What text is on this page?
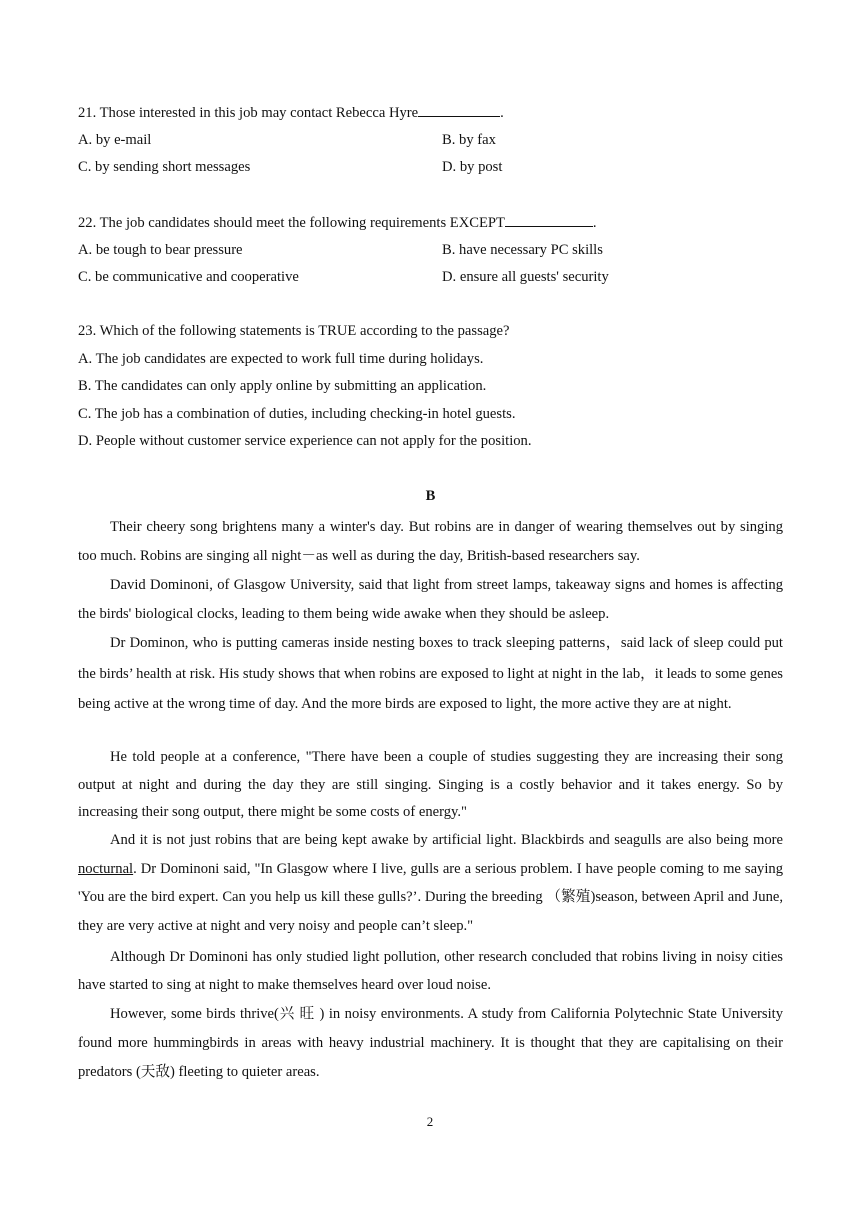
21. Those interested in this job may contact Rebecca Hyre	.
A. by e-mail	B. by fax
C. by sending short messages	D. by post
22. The job candidates should meet the following requirements EXCEPT	.
A. be tough to bear pressure	B. have necessary PC skills
C. be communicative and cooperative	D. ensure all guests' security
23. Which of the following statements is TRUE according to the passage?
A. The job candidates are expected to work full time during holidays.
B. The candidates can only apply online by submitting an application.
C. The job has a combination of duties, including checking-in hotel guests.
D. People without customer service experience can not apply for the position.
B
Their cheery song brightens many a winter's day. But robins are in danger of wearing themselves out by singing too much. Robins are singing all night－as well as during the day, British-based researchers say.
David Dominoni, of Glasgow University, said that light from street lamps, takeaway signs and homes is affecting the birds' biological clocks, leading to them being wide awake when they should be asleep.
Dr Dominon, who is putting cameras inside nesting boxes to track sleeping patterns，said lack of sleep could put the birds’ health at risk. His study shows that when robins are exposed to light at night in the lab，it leads to some genes being active at the wrong time of day. And the more birds are exposed to light, the more active they are at night.
He told people at a conference, "There have been a couple of studies suggesting they are increasing their song output at night and during the day they are still singing. Singing is a costly behavior and it takes energy. So by increasing their song output, there might be some costs of energy."
And it is not just robins that are being kept awake by artificial light. Blackbirds and seagulls are also being more nocturnal. Dr Dominoni said, "In Glasgow where I live, gulls are a serious problem. I have people coming to me saying 'You are the bird expert. Can you help us kill these gulls?’. During the breeding （繁殖)season, between April and June, they are very active at night and very noisy and people can’t sleep."
Although Dr Dominoni has only studied light pollution, other research concluded that robins living in noisy cities have started to sing at night to make themselves heard over loud noise.
However, some birds thrive(兴 旺 ) in noisy environments. A study from California Polytechnic State University found more hummingbirds in areas with heavy industrial machinery. It is thought that they are capitalising on their predators (天敌) fleeting to quieter areas.
2
